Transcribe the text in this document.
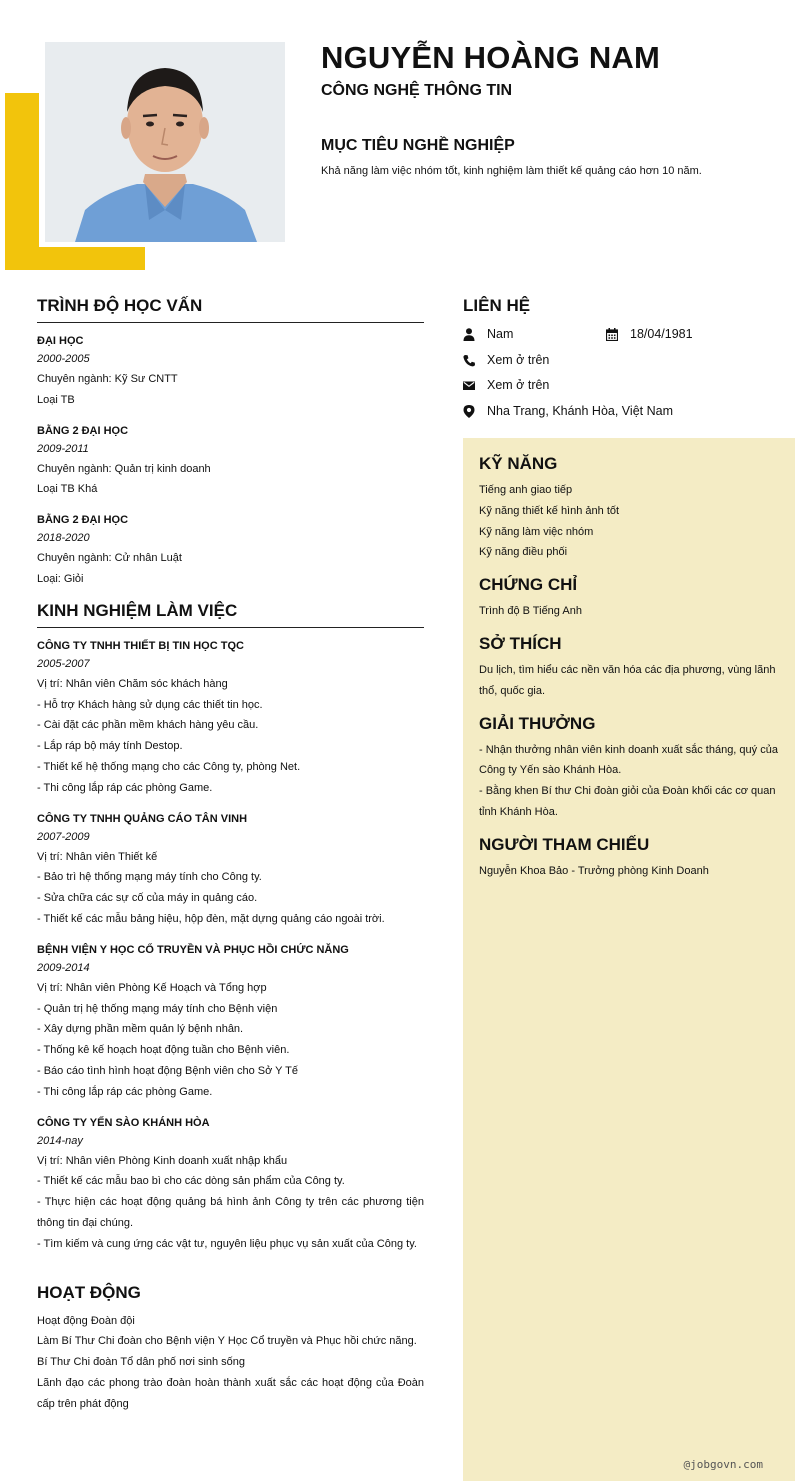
NGUYỄN HOÀNG NAM
CÔNG NGHỆ THÔNG TIN
MỤC TIÊU NGHỀ NGHIỆP
Khả năng làm việc nhóm tốt, kinh nghiệm làm thiết kế quảng cáo hơn 10 năm.
TRÌNH ĐỘ HỌC VẤN
ĐẠI HỌC
2000-2005
Chuyên ngành: Kỹ Sư CNTT
Loại TB
BẰNG 2 ĐẠI HỌC
2009-2011
Chuyên ngành: Quản trị kinh doanh
Loại TB Khá
BẰNG 2 ĐẠI HỌC
2018-2020
Chuyên ngành: Cử nhân Luật
Loại: Giỏi
KINH NGHIỆM LÀM VIỆC
CÔNG TY TNHH THIẾT BỊ TIN HỌC TQC
2005-2007
Vị trí: Nhân viên Chăm sóc khách hàng
- Hỗ trợ Khách hàng sử dụng các thiết tin học.
- Cài đặt các phần mềm khách hàng yêu cầu.
- Lắp ráp bộ máy tính Destop.
- Thiết kế hệ thống mạng cho các Công ty, phòng Net.
- Thi công lắp ráp các phòng Game.
CÔNG TY TNHH QUẢNG CÁO TÂN VINH
2007-2009
Vị trí: Nhân viên Thiết kế
- Bảo trì hệ thống mạng máy tính cho Công ty.
- Sửa chữa các sự cố của máy in quảng cáo.
- Thiết kế các mẫu bảng hiệu, hộp đèn, mặt dựng quảng cáo ngoài trời.
BỆNH VIỆN Y HỌC CỔ TRUYỀN VÀ PHỤC HỒI CHỨC NĂNG
2009-2014
Vị trí: Nhân viên Phòng Kế Hoạch và Tổng hợp
- Quản trị hệ thống mạng máy tính cho Bệnh viện
- Xây dựng phần mềm quản lý bệnh nhân.
- Thống kê kế hoạch hoạt động tuần cho Bệnh viên.
- Báo cáo tình hình hoạt động Bệnh viên cho Sở Y Tế
- Thi công lắp ráp các phòng Game.
CÔNG TY YẾN SÀO KHÁNH HÒA
2014-nay
Vị trí: Nhân viên Phòng Kinh doanh xuất nhập khẩu
- Thiết kế các mẫu bao bì cho các dòng sản phẩm của Công ty.
- Thực hiện các hoạt động quảng bá hình ảnh Công ty trên các phương tiện thông tin đại chúng.
- Tìm kiếm và cung ứng các vật tư, nguyên liệu phục vụ sản xuất của Công ty.
HOẠT ĐỘNG
Hoạt động Đoàn đội
Làm Bí Thư Chi đoàn cho Bệnh viện Y Học Cổ truyền và Phục hồi chức năng.
Bí Thư Chi đoàn Tổ dân phố nơi sinh sống
Lãnh đạo các phong trào đoàn hoàn thành xuất sắc các hoạt động của Đoàn cấp trên phát động
LIÊN HỆ
Nam	18/04/1981
Xem ở trên
Xem ở trên
Nha Trang, Khánh Hòa, Việt Nam
KỸ NĂNG
Tiếng anh giao tiếp
Kỹ năng thiết kế hình ảnh tốt
Kỹ năng làm việc nhóm
Kỹ năng điều phối
CHỨNG CHỈ
Trình độ B Tiếng Anh
SỞ THÍCH
Du lịch, tìm hiểu các nền văn hóa các địa phương, vùng lãnh thổ, quốc gia.
GIẢI THƯỞNG
- Nhận thưởng nhân viên kinh doanh xuất sắc tháng, quý của Công ty Yến sào Khánh Hòa.
- Bằng khen Bí thư Chi đoàn giỏi của Đoàn khối các cơ quan tỉnh Khánh Hòa.
NGƯỜI THAM CHIẾU
Nguyễn Khoa Bảo - Trưởng phòng Kinh Doanh
@jobgovn.com
